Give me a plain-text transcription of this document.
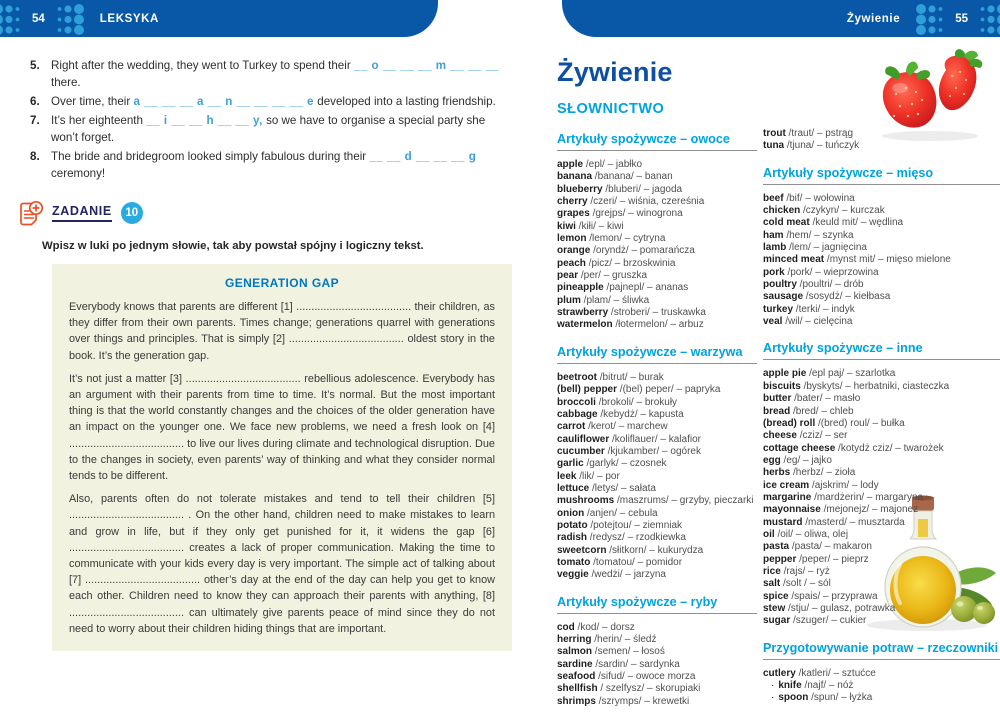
54	LEKSYKA	Żywienie	55
5. Right after the wedding, they went to Turkey to spend their __ o __ __ __ m __ __ __ there.
6. Over time, their a __ __ __ a __ n __ __ __ __ e developed into a lasting friendship.
7. It’s her eighteenth __ i __ __ h __ __ y, so we have to organise a special party she won’t forget.
8. The bride and bridegroom looked simply fabulous during their __ __ d __ __ __ g ceremony!
ZADANIE	10
Wpisz w luki po jednym słowie, tak aby powstał spójny i logiczny tekst.
GENERATION GAP

Everybody knows that parents are different [1] ...................................... their children, as they differ from their own parents. Times change; generations quarrel with generations over things and principles. That is simply [2] ...................................... oldest story in the book. It’s the generation gap.

It’s not just a matter [3] ...................................... rebellious adolescence. Everybody has an argument with their parents from time to time. It’s normal. But the most important thing is that the world constantly changes and the choices of the older generation have an impact on the younger one. We face new problems, we need a fresh look on [4] ...................................... to live our lives during climate and technological disruption. Due to the changes in society, even parents’ way of thinking and what they consider normal tends to be different.

Also, parents often do not tolerate mistakes and tend to tell their children [5] ...................................... . On the other hand, children need to make mistakes to learn and grow in life, but if they only get punished for it, it widens the gap [6] ...................................... creates a lack of proper communication. Making the time to communicate with your kids every day is very important. The simple act of talking about [7] ...................................... other’s day at the end of the day can help you get to know each other. Children need to know they can approach their parents with anything, [8] ...................................... can ultimately give parents peace of mind since they do not need to worry about their children hiding things that are important.

Żywienie
SŁOWNICTWO
Artykuły spożywcze – owoce
apple /epl/ – jabłko
banana /banana/ – banan
blueberry /bluberi/ – jagoda
cherry /czeri/ – wiśnia, czereśnia
grapes /grejps/ – winogrona
kiwi /kiłi/ – kiwi
lemon /lemon/ – cytryna
orange /oryndż/ – pomarańcza
peach /picz/ – brzoskwinia
pear /per/ – gruszka
pineapple /pajnepl/ – ananas
plum /plam/ – śliwka
strawberry /stroberi/ – truskawka
watermelon /łotermelon/ – arbuz
Artykuły spożywcze – warzywa
beetroot /bitrut/ – burak
(bell) pepper /(bel) peper/ – papryka
broccoli /brokoli/ – brokuły
cabbage /kebydż/ – kapusta
carrot /kerot/ – marchew
cauliflower /koliflauer/ – kalafior
cucumber /kjukamber/ – ogórek
garlic /garlyk/ – czosnek
leek /lik/ – por
lettuce /letys/ – sałata
mushrooms /maszrums/ – grzyby, pieczarki
onion /anjen/ – cebula
potato /potejtou/ – ziemniak
radish /redysz/ – rzodkiewka
sweetcorn /słitkorn/ – kukurydza
tomato /tomatou/ – pomidor
veggie /wedżi/ – jarzyna
Artykuły spożywcze – ryby
cod /kod/ – dorsz
herring /herin/ – śledź
salmon /semen/ – łosoś
sardine /sardin/ – sardynka
seafood /sifud/ – owoce morza
shellfish / szelfysz/ – skorupiaki
shrimps /szrymps/ – krewetki
trout /traut/ – pstrąg
tuna /tjuna/ – tuńczyk
Artykuły spożywcze – mięso
beef /bif/ – wołowina
chicken /czykyn/ – kurczak
cold meat /keuld mit/ – wędlina
ham /hem/ – szynka
lamb /lem/ – jagnięcina
minced meat /mynst mit/ – mięso mielone
pork /pork/ – wieprzowina
poultry /poultri/ – drób
sausage /sosydż/ – kiełbasa
turkey /terki/ – indyk
veal /wil/ – cielęcina
Artykuły spożywcze – inne
apple pie /epl paj/ – szarlotka
biscuits /byskyts/ – herbatniki, ciasteczka
butter /bater/ – masło
bread /bred/ – chleb
(bread) roll /(bred) roul/ – bułka
cheese /cziz/ – ser
cottage cheese /kotydż cziz/ – twarożek
egg /eg/ – jajko
herbs /herbz/ – zioła
ice cream /ajskrim/ – lody
margarine /mardżerin/ – margaryna
mayonnaise /mejonejz/ – majonez
mustard /masterd/ – musztarda
oil /oil/ – oliwa, olej
pasta /pasta/ – makaron
pepper /peper/ – pieprz
rice /rajs/ – ryż
salt /solt / – sól
spice /spais/ – przyprawa
stew /stju/ – gulasz, potrawka
sugar /szuger/ – cukier
Przygotowywanie potraw – rzeczowniki
cutlery /katleri/ – sztućce
· knife /najf/ – nóż
· spoon /spun/ – łyżka
